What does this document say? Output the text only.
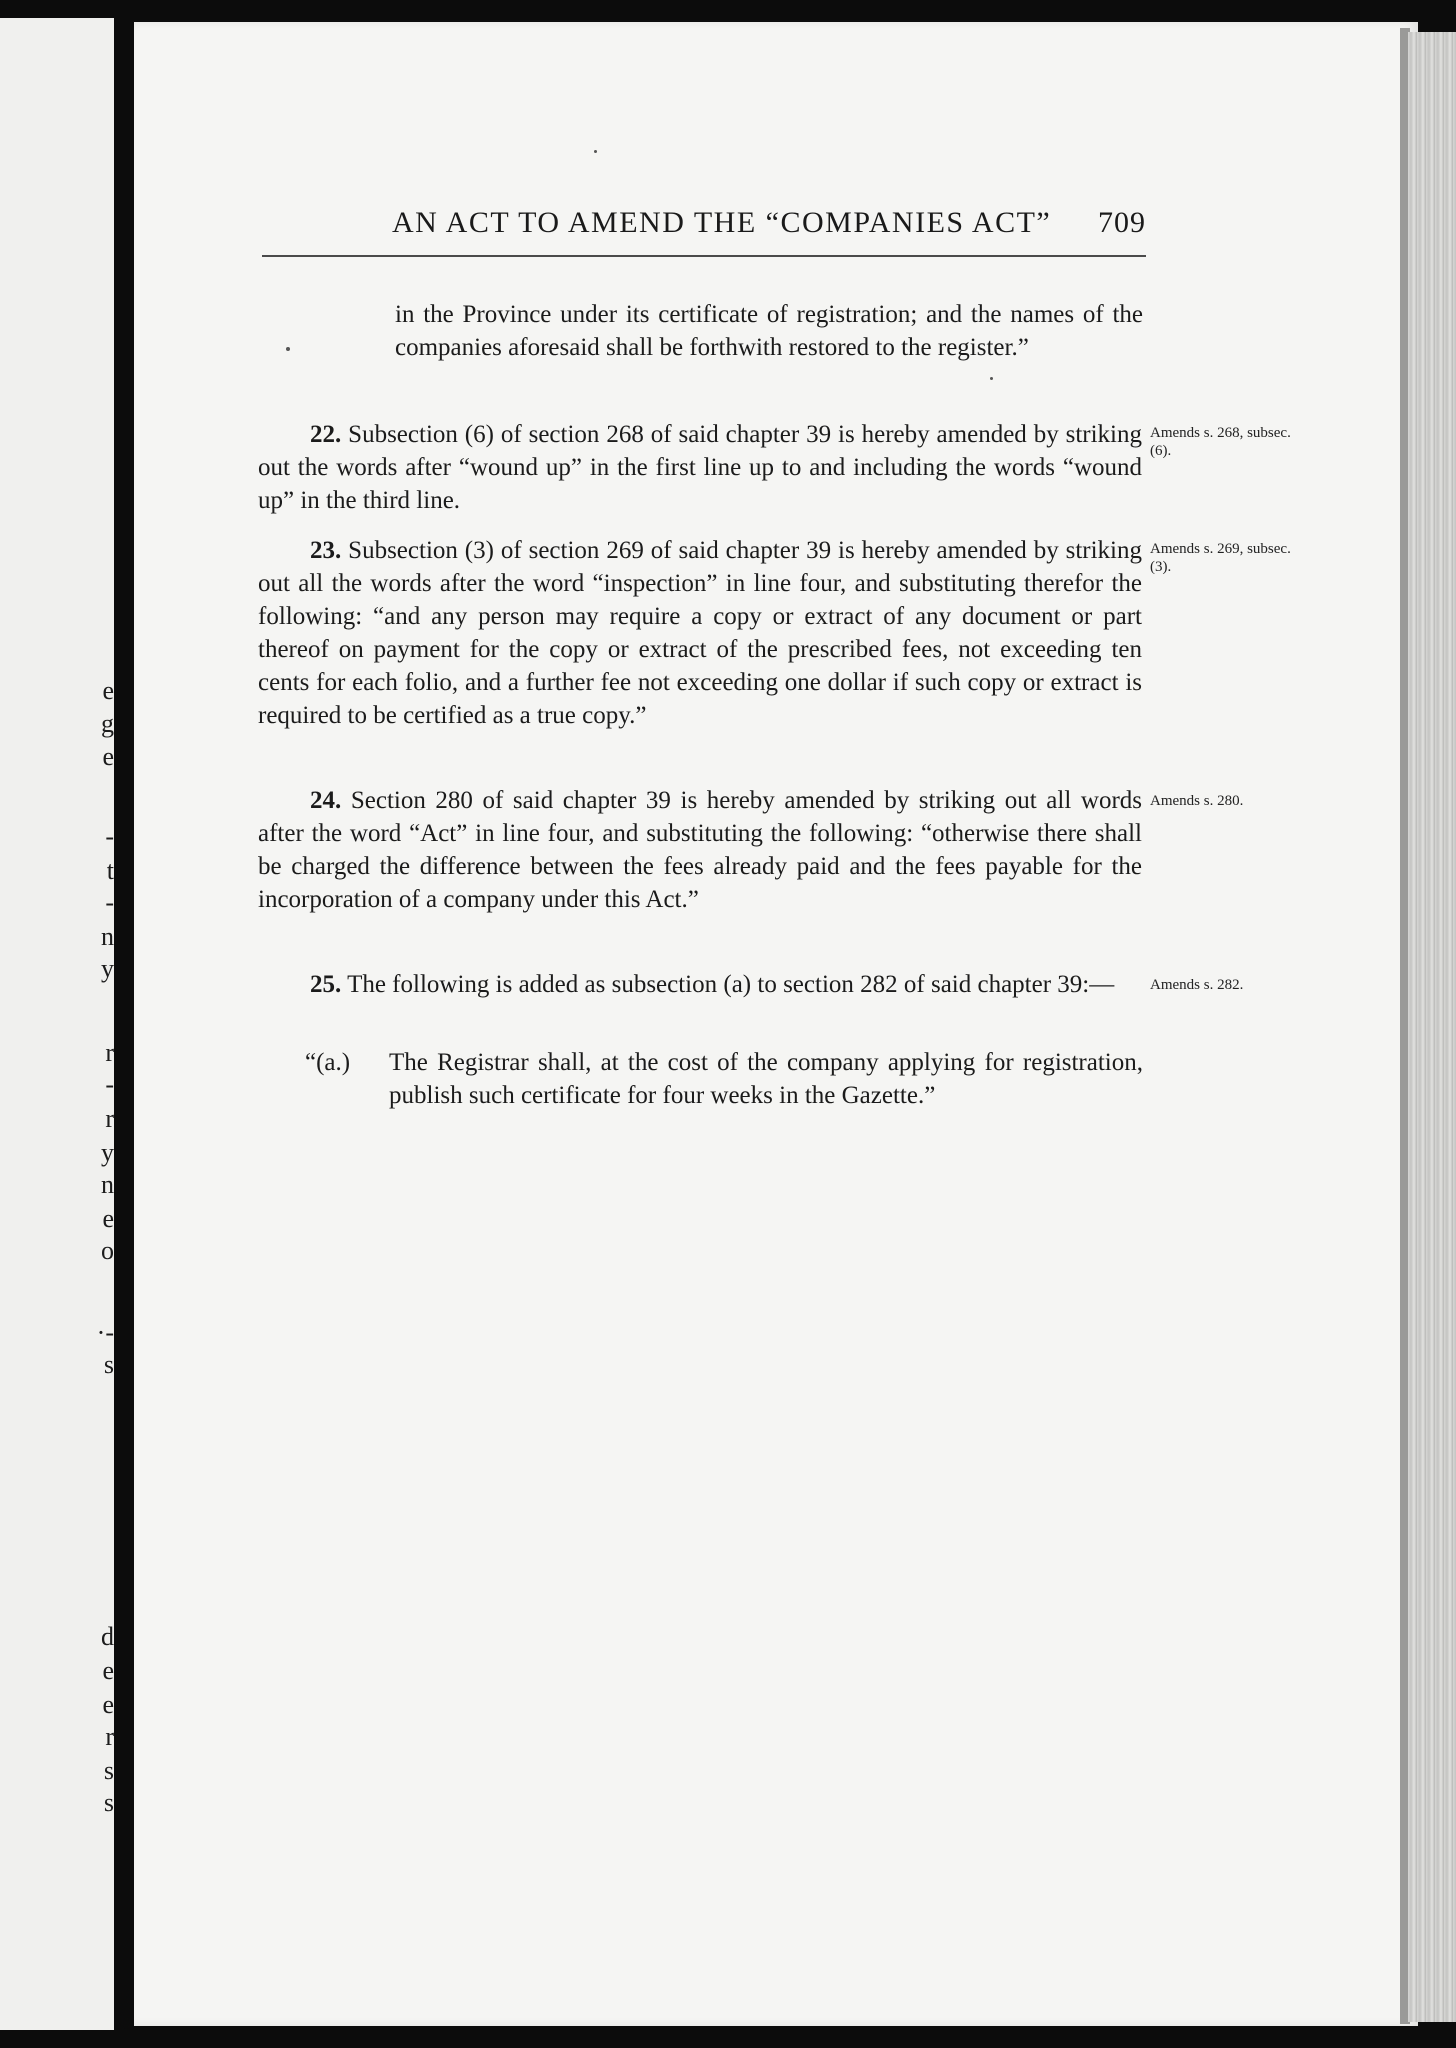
e
g
e
-
t
-
n
y
r
-
r
y
n
e
o
·-
s
d
e
e
r
s
s
AN ACT TO AMEND THE “COMPANIES ACT” 709
in the Province under its certificate of registration; and the names of the companies aforesaid shall be forthwith restored to the register.”
22. Subsection (6) of section 268 of said chapter 39 is hereby amended by striking out the words after “wound up” in the first line up to and including the words “wound up” in the third line.
Amends s. 268, subsec. (6).
23. Subsection (3) of section 269 of said chapter 39 is hereby amended by striking out all the words after the word “inspection” in line four, and substituting therefor the following: “and any person may require a copy or extract of any document or part thereof on payment for the copy or extract of the prescribed fees, not exceeding ten cents for each folio, and a further fee not exceeding one dollar if such copy or extract is required to be certified as a true copy.”
Amends s. 269, subsec. (3).
24. Section 280 of said chapter 39 is hereby amended by striking out all words after the word “Act” in line four, and substituting the following: “otherwise there shall be charged the difference between the fees already paid and the fees payable for the incorporation of a company under this Act.”
Amends s. 280.
25. The following is added as subsection (a) to section 282 of said chapter 39:—	Amends s. 282.
“(a.) The Registrar shall, at the cost of the company applying for registration, publish such certificate for four weeks in the Gazette.”
